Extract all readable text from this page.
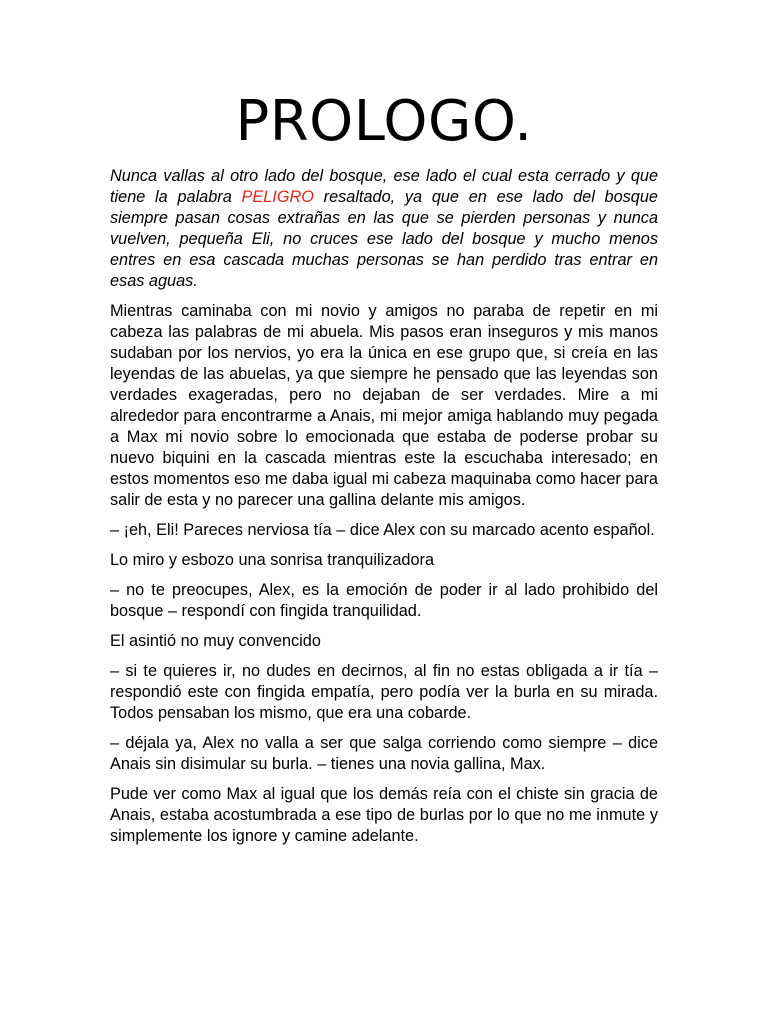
PROLOGO.

Nunca vallas al otro lado del bosque, ese lado el cual esta cerrado y que tiene la palabra PELIGRO resaltado, ya que en ese lado del bosque siempre pasan cosas extrañas en las que se pierden personas y nunca vuelven, pequeña Eli, no cruces ese lado del bosque y mucho menos entres en esa cascada muchas personas se han perdido tras entrar en esas aguas.

Mientras caminaba con mi novio y amigos no paraba de repetir en mi cabeza las palabras de mi abuela. Mis pasos eran inseguros y mis manos sudaban por los nervios, yo era la única en ese grupo que, si creía en las leyendas de las abuelas, ya que siempre he pensado que las leyendas son verdades exageradas, pero no dejaban de ser verdades. Mire a mi alrededor para encontrarme a Anais, mi mejor amiga hablando muy pegada a Max mi novio sobre lo emocionada que estaba de poderse probar su nuevo biquini en la cascada mientras este la escuchaba interesado; en estos momentos eso me daba igual mi cabeza maquinaba como hacer para salir de esta y no parecer una gallina delante mis amigos.

– ¡eh, Eli! Pareces nerviosa tía – dice Alex con su marcado acento español.

Lo miro y esbozo una sonrisa tranquilizadora

– no te preocupes, Alex, es la emoción de poder ir al lado prohibido del bosque – respondí con fingida tranquilidad.

El asintió no muy convencido

– si te quieres ir, no dudes en decirnos, al fin no estas obligada a ir tía – respondió este con fingida empatía, pero podía ver la burla en su mirada. Todos pensaban los mismo, que era una cobarde.

– déjala ya, Alex no valla a ser que salga corriendo como siempre – dice Anais sin disimular su burla. – tienes una novia gallina, Max.

Pude ver como Max al igual que los demás reía con el chiste sin gracia de Anais, estaba acostumbrada a ese tipo de burlas por lo que no me inmute y simplemente los ignore y camine adelante.
